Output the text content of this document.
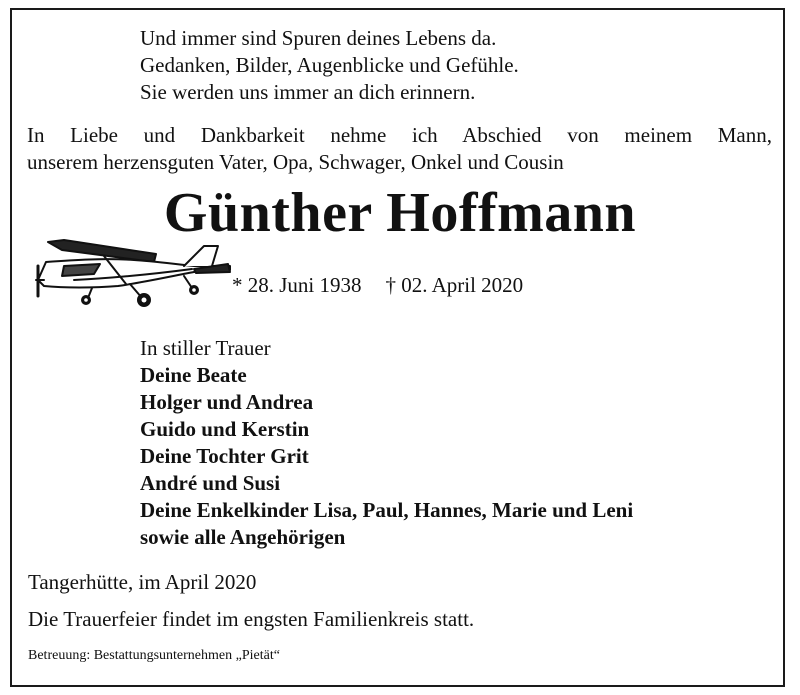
Und immer sind Spuren deines Lebens da.
Gedanken, Bilder, Augenblicke und Gefühle.
Sie werden uns immer an dich erinnern.
In Liebe und Dankbarkeit nehme ich Abschied von meinem Mann,
unserem herzensguten Vater, Opa, Schwager, Onkel und Cousin
Günther Hoffmann
* 28. Juni 1938 † 02. April 2020
In stiller Trauer
Deine Beate
Holger und Andrea
Guido und Kerstin
Deine Tochter Grit
André und Susi
Deine Enkelkinder Lisa, Paul, Hannes, Marie und Leni
sowie alle Angehörigen
Tangerhütte, im April 2020
Die Trauerfeier findet im engsten Familienkreis statt.
Betreuung: Bestattungsunternehmen „Pietät“
